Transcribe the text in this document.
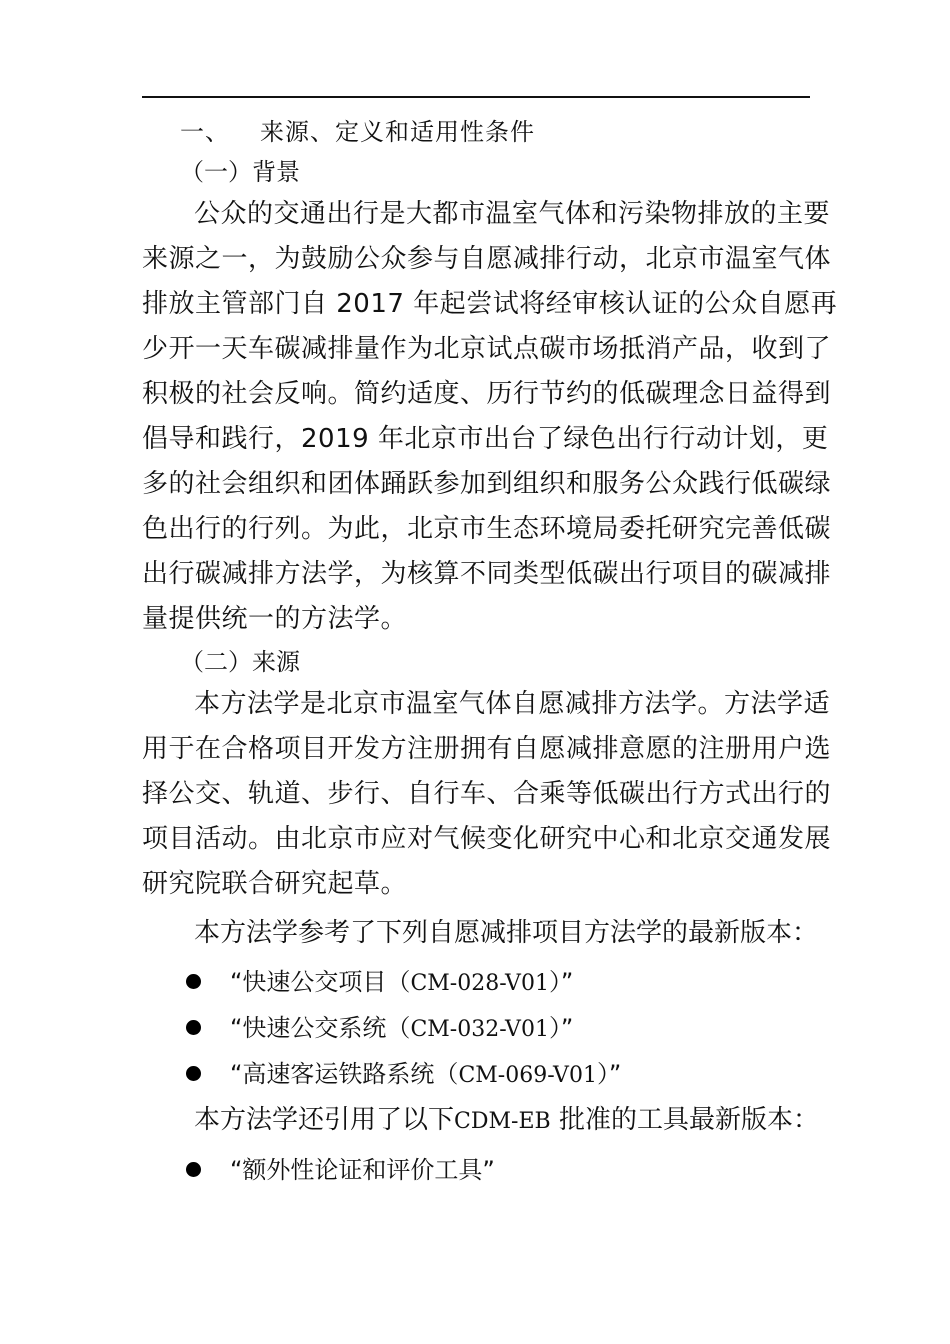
一、 来源、定义和适用性条件
（一）背景

公众的交通出行是大都市温室气体和污染物排放的主要来源之一，为鼓励公众参与自愿减排行动，北京市温室气体排放主管部门自 2017 年起尝试将经审核认证的公众自愿再少开一天车碳减排量作为北京试点碳市场抵消产品，收到了积极的社会反响。简约适度、历行节约的低碳理念日益得到倡导和践行，2019 年北京市出台了绿色出行行动计划，更多的社会组织和团体踊跃参加到组织和服务公众践行低碳绿色出行的行列。为此，北京市生态环境局委托研究完善低碳出行碳减排方法学，为核算不同类型低碳出行项目的碳减排量提供统一的方法学。

（二）来源

本方法学是北京市温室气体自愿减排方法学。方法学适用于在合格项目开发方注册拥有自愿减排意愿的注册用户选择公交、轨道、步行、自行车、合乘等低碳出行方式出行的项目活动。由北京市应对气候变化研究中心和北京交通发展研究院联合研究起草。

本方法学参考了下列自愿减排项目方法学的最新版本：

“快速公交项目（CM-028-V01）”
“快速公交系统（CM-032-V01）”
“高速客运铁路系统（CM-069-V01）”

本方法学还引用了以下CDM-EB 批准的工具最新版本：

“额外性论证和评价工具”
